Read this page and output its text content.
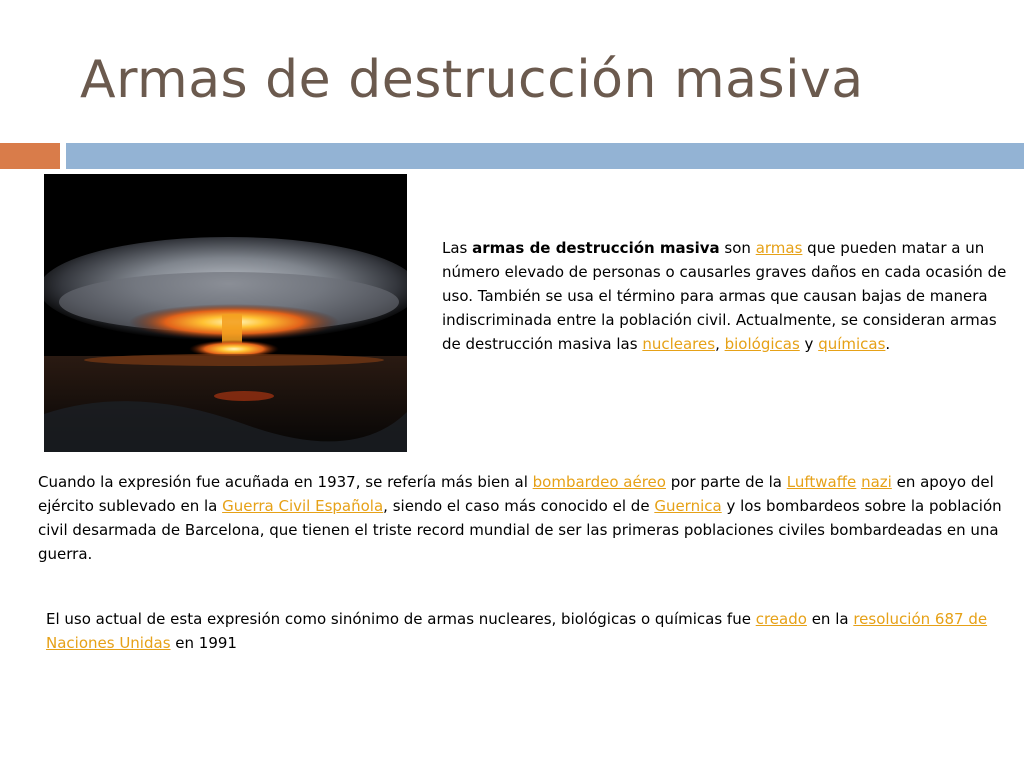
Armas de destrucción masiva

Las armas de destrucción masiva son armas que pueden matar a un número elevado de personas o causarles graves daños en cada ocasión de uso. También se usa el término para armas que causan bajas de manera indiscriminada entre la población civil. Actualmente, se consideran armas de destrucción masiva las nucleares, biológicas y químicas.

Cuando la expresión fue acuñada en 1937, se refería más bien al bombardeo aéreo por parte de la Luftwaffe nazi en apoyo del ejército sublevado en la Guerra Civil Española, siendo el caso más conocido el de Guernica y los bombardeos sobre la población civil desarmada de Barcelona, que tienen el triste record mundial de ser las primeras poblaciones civiles bombardeadas en una guerra.

El uso actual de esta expresión como sinónimo de armas nucleares, biológicas o químicas fue creado en la resolución 687 de Naciones Unidas en 1991
